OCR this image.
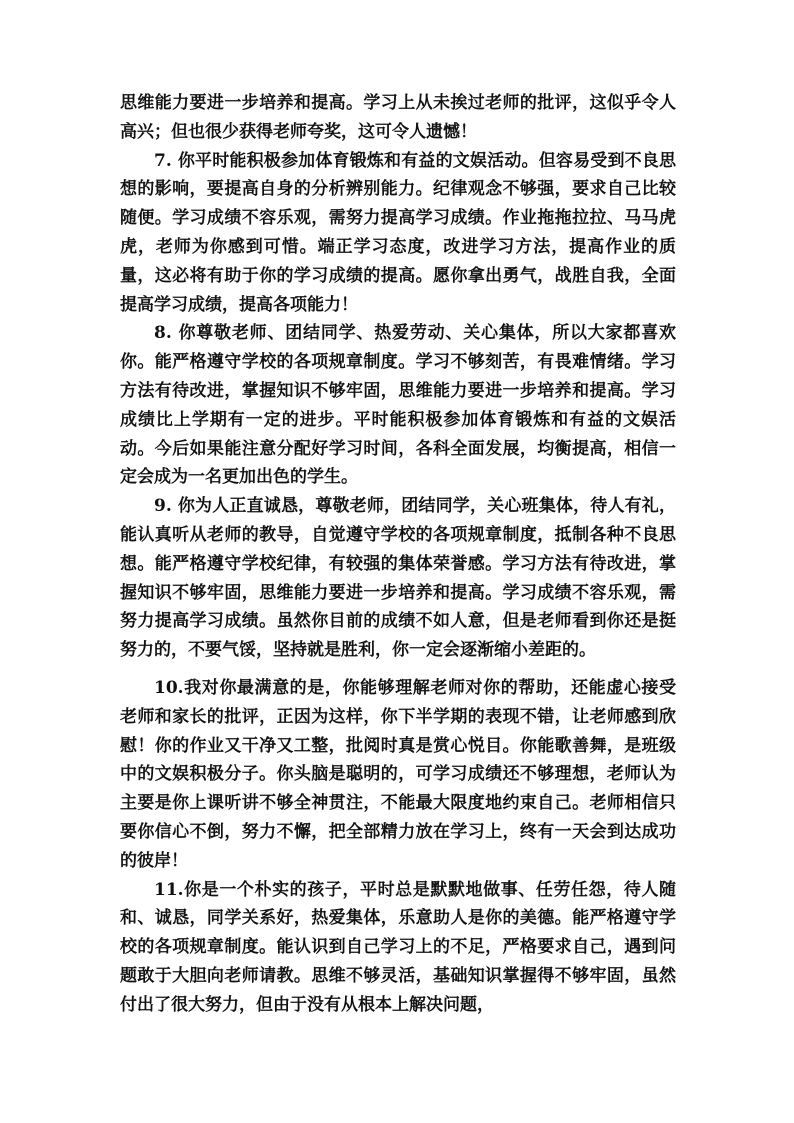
思维能力要进一步培养和提高。学习上从未挨过老师的批评，这似乎令人高兴；但也很少获得老师夸奖，这可令人遗憾！

7. 你平时能积极参加体育锻炼和有益的文娱活动。但容易受到不良思想的影响，要提高自身的分析辨别能力。纪律观念不够强，要求自己比较随便。学习成绩不容乐观，需努力提高学习成绩。作业拖拖拉拉、马马虎虎，老师为你感到可惜。端正学习态度，改进学习方法，提高作业的质量，这必将有助于你的学习成绩的提高。愿你拿出勇气，战胜自我，全面提高学习成绩，提高各项能力！

8. 你尊敬老师、团结同学、热爱劳动、关心集体，所以大家都喜欢你。能严格遵守学校的各项规章制度。学习不够刻苦，有畏难情绪。学习方法有待改进，掌握知识不够牢固，思维能力要进一步培养和提高。学习成绩比上学期有一定的进步。平时能积极参加体育锻炼和有益的文娱活动。今后如果能注意分配好学习时间，各科全面发展，均衡提高，相信一定会成为一名更加出色的学生。

9. 你为人正直诚恳，尊敬老师，团结同学，关心班集体，待人有礼，能认真听从老师的教导，自觉遵守学校的各项规章制度，抵制各种不良思想。能严格遵守学校纪律，有较强的集体荣誉感。学习方法有待改进，掌握知识不够牢固，思维能力要进一步培养和提高。学习成绩不容乐观，需努力提高学习成绩。虽然你目前的成绩不如人意，但是老师看到你还是挺努力的，不要气馁，坚持就是胜利，你一定会逐渐缩小差距的。

10.我对你最满意的是，你能够理解老师对你的帮助，还能虚心接受老师和家长的批评，正因为这样，你下半学期的表现不错，让老师感到欣慰！你的作业又干净又工整，批阅时真是赏心悦目。你能歌善舞，是班级中的文娱积极分子。你头脑是聪明的，可学习成绩还不够理想，老师认为主要是你上课听讲不够全神贯注，不能最大限度地约束自己。老师相信只要你信心不倒，努力不懈，把全部精力放在学习上，终有一天会到达成功的彼岸！

11.你是一个朴实的孩子，平时总是默默地做事、任劳任怨，待人随和、诚恳，同学关系好，热爱集体，乐意助人是你的美德。能严格遵守学校的各项规章制度。能认识到自己学习上的不足，严格要求自己，遇到问题敢于大胆向老师请教。思维不够灵活，基础知识掌握得不够牢固，虽然付出了很大努力，但由于没有从根本上解决问题，
